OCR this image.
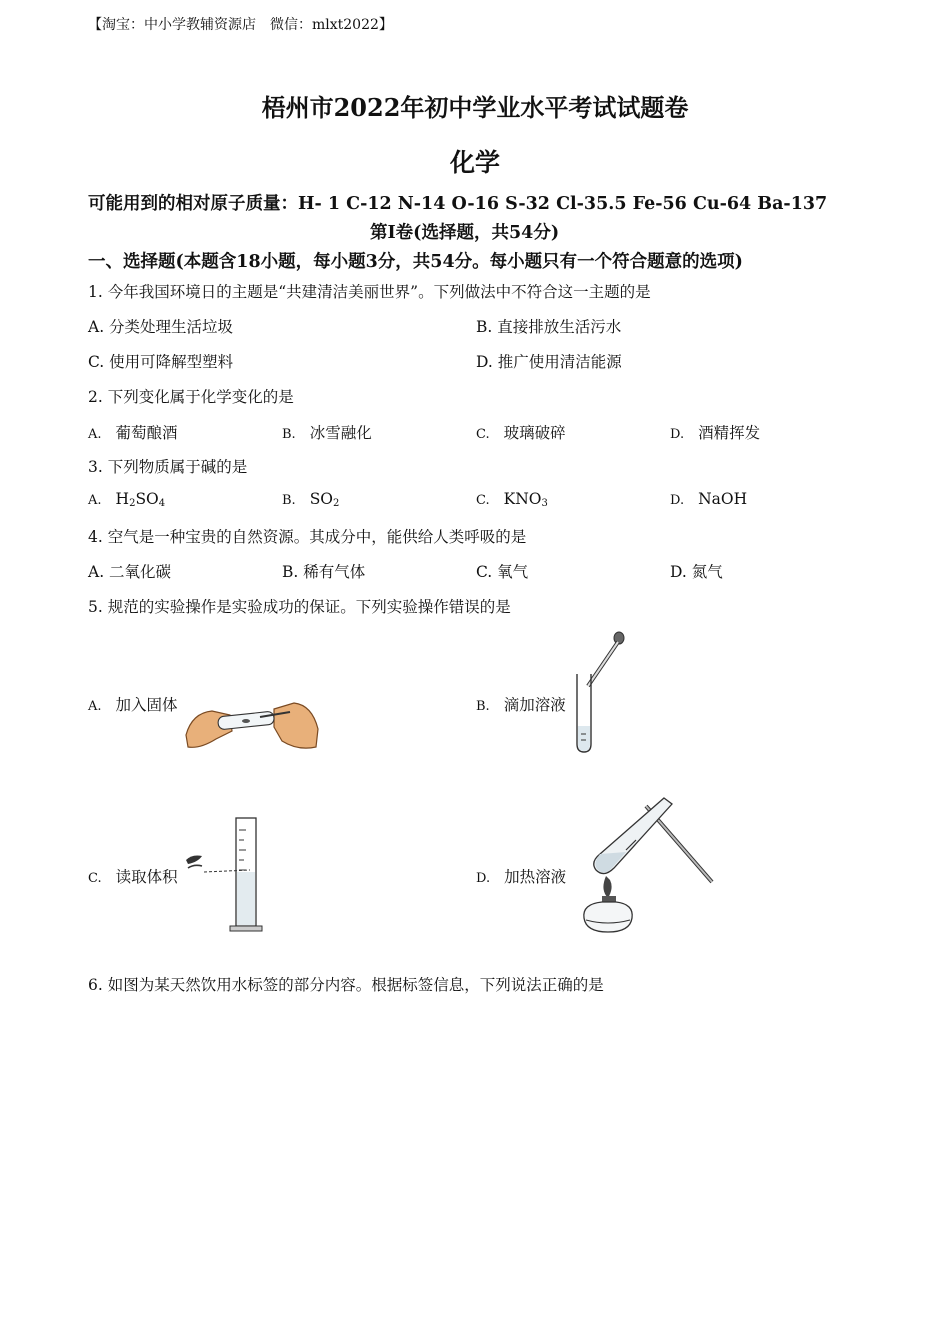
【淘宝：中小学教辅资源店　微信：mlxt2022】
梧州市2022年初中学业水平考试试题卷
化学
可能用到的相对原子质量：H- 1 C-12 N-14 O-16 S-32 Cl-35.5 Fe-56 Cu-64 Ba-137
第Ⅰ卷(选择题，共54分)
一、选择题(本题含18小题，每小题3分，共54分。每小题只有一个符合题意的选项)
1. 今年我国环境日的主题是“共建清洁美丽世界”。下列做法中不符合这一主题的是
A. 分类处理生活垃圾	B. 直接排放生活污水
C. 使用可降解型塑料	D. 推广使用清洁能源
2. 下列变化属于化学变化的是
A. 葡萄酿酒	B. 冰雪融化	C. 玻璃破碎	D. 酒精挥发
3. 下列物质属于碱的是
A. $H_2SO_4$	B. $SO_2$	C. $KNO_3$	D. NaOH
4. 空气是一种宝贵的自然资源。其成分中，能供给人类呼吸的是
A. 二氧化碳	B. 稀有气体	C. 氧气	D. 氮气
5. 规范的实验操作是实验成功的保证。下列实验操作错误的是
A. 加入固体	B. 滴加溶液
C. 读取体积	D. 加热溶液
6. 如图为某天然饮用水标签的部分内容。根据标签信息，下列说法正确的是
